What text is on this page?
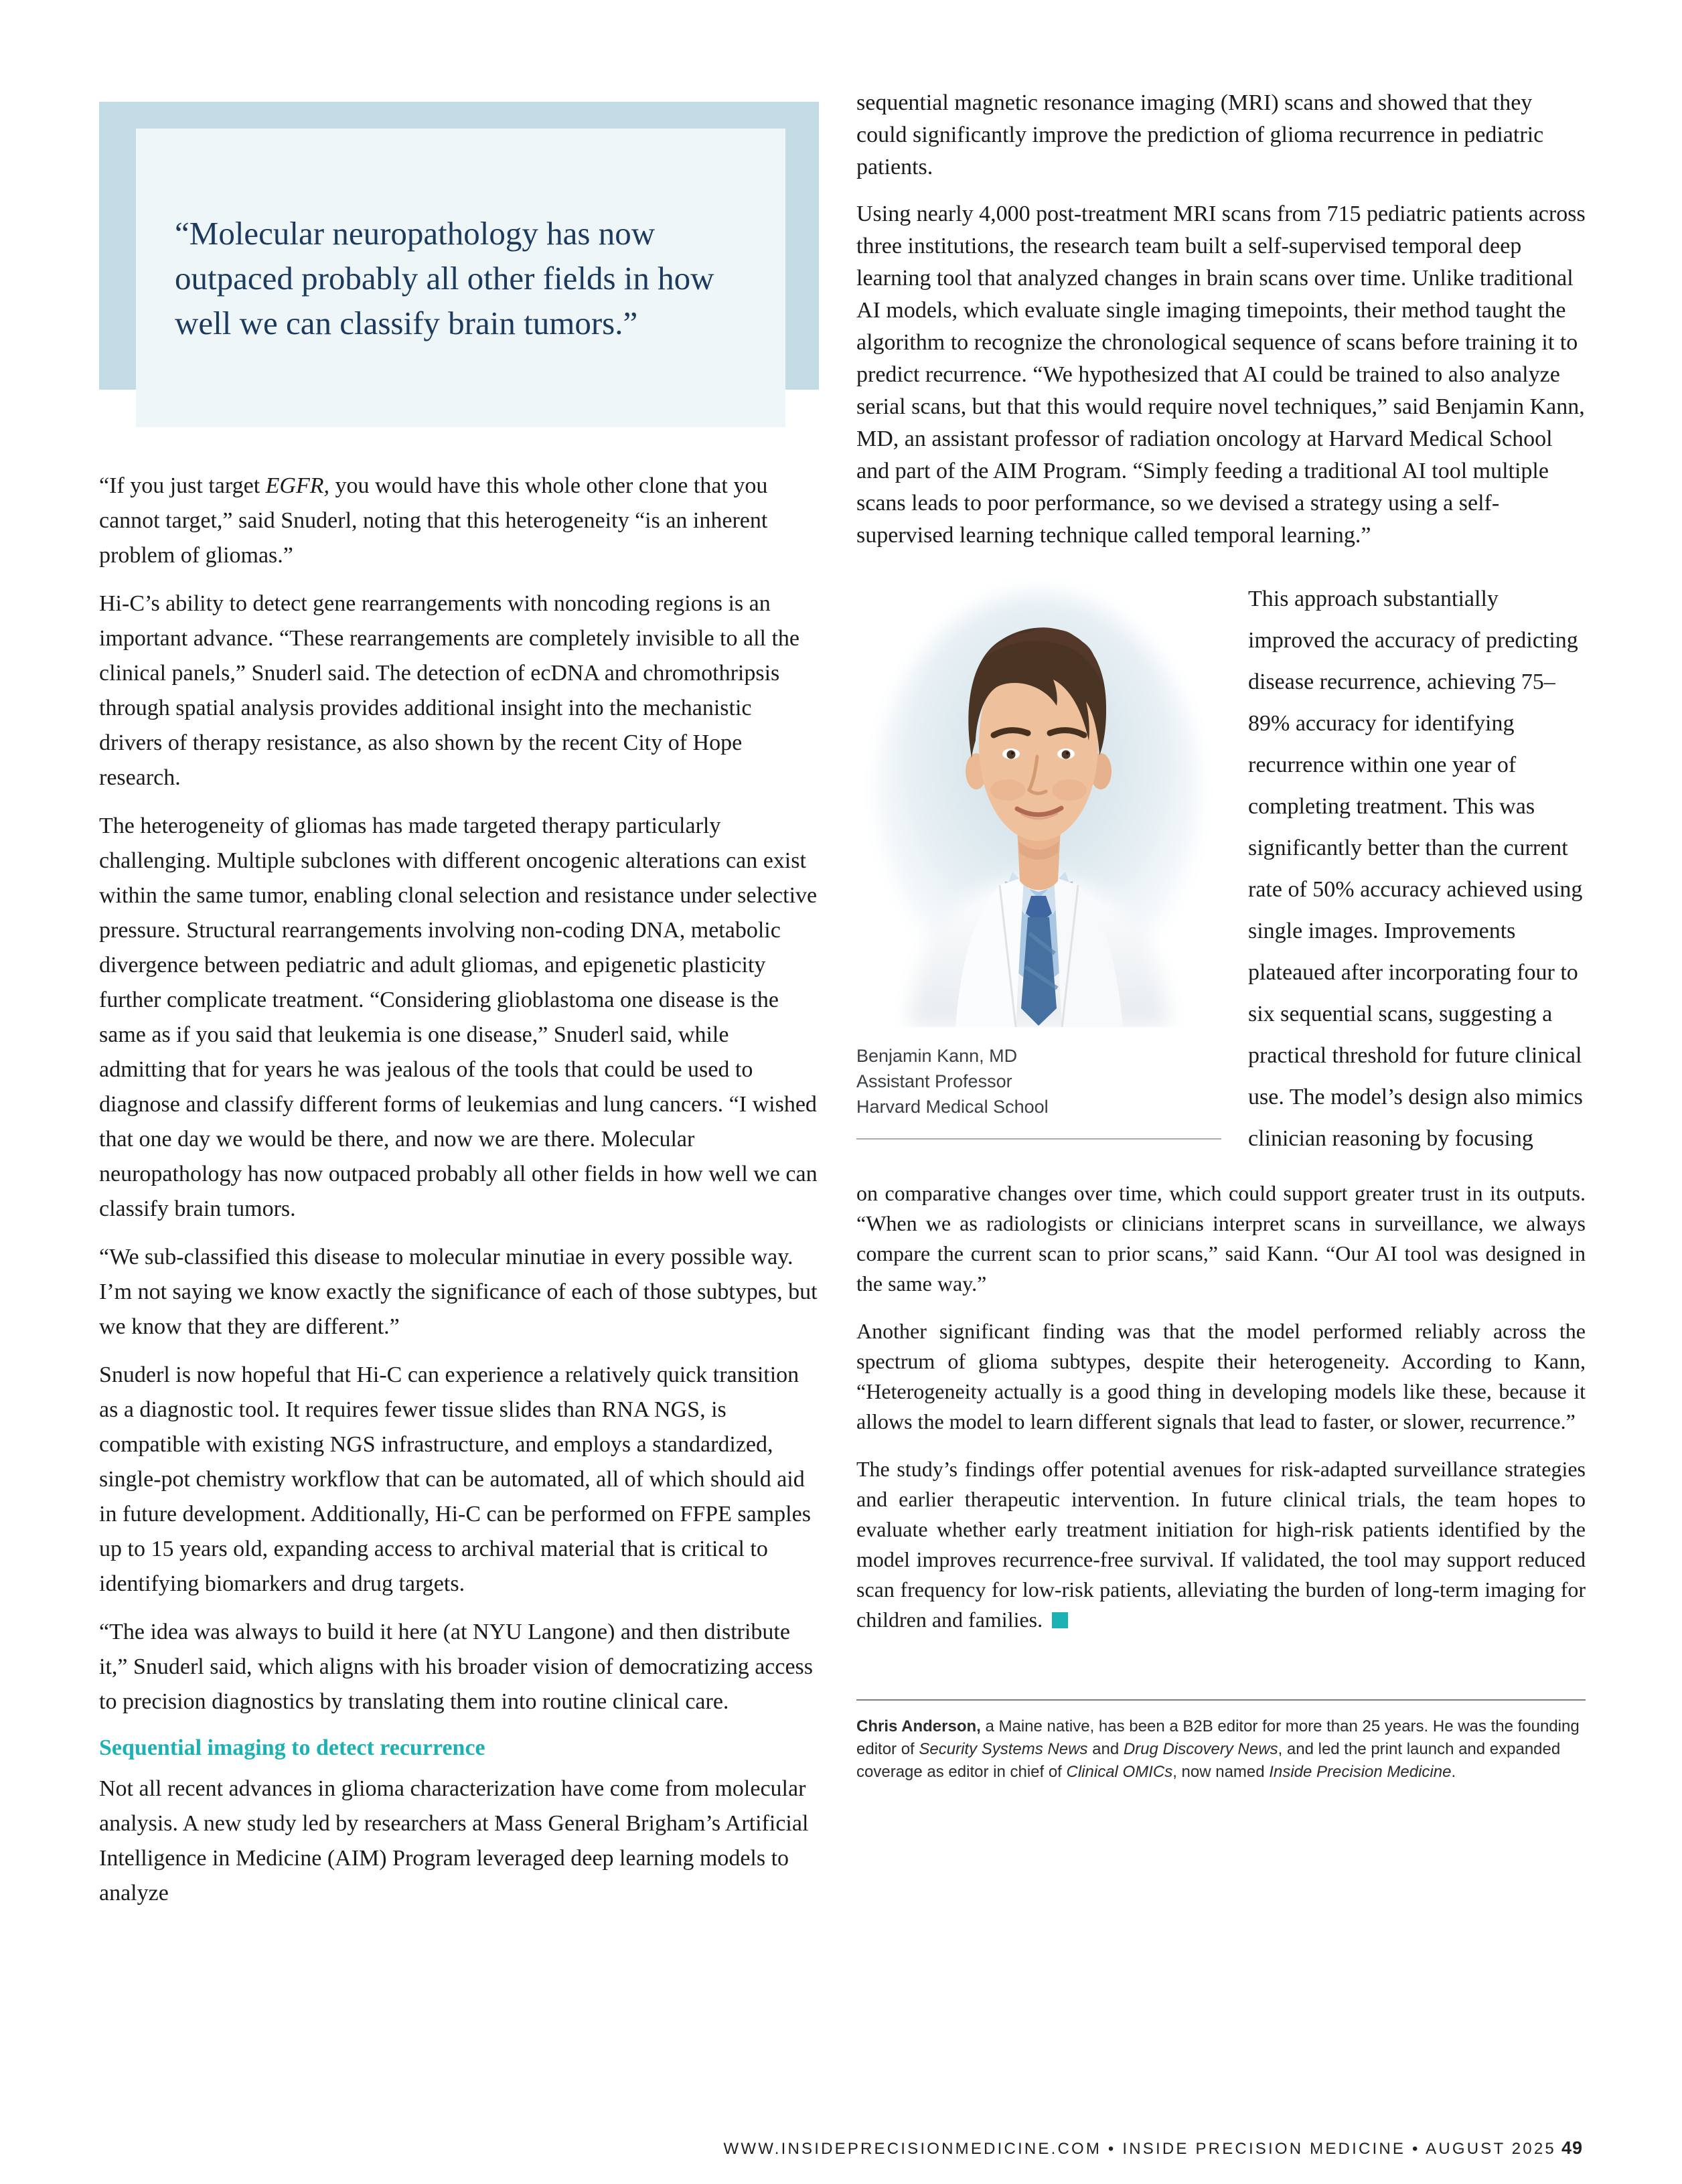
“Molecular neuropathology has now outpaced probably all other fields in how well we can classify brain tumors.”

“If you just target EGFR, you would have this whole other clone that you cannot target,” said Snuderl, noting that this heterogeneity “is an inherent problem of gliomas.”

Hi-C’s ability to detect gene rearrangements with noncoding regions is an important advance. “These rearrangements are completely invisible to all the clinical panels,” Snuderl said. The detection of ecDNA and chromothripsis through spatial analysis provides additional insight into the mechanistic drivers of therapy resistance, as also shown by the recent City of Hope research.

The heterogeneity of gliomas has made targeted therapy particularly challenging. Multiple subclones with different oncogenic alterations can exist within the same tumor, enabling clonal selection and resistance under selective pressure. Structural rearrangements involving non-coding DNA, metabolic divergence between pediatric and adult gliomas, and epigenetic plasticity further complicate treatment. “Considering glioblastoma one disease is the same as if you said that leukemia is one disease,” Snuderl said, while admitting that for years he was jealous of the tools that could be used to diagnose and classify different forms of leukemias and lung cancers. “I wished that one day we would be there, and now we are there. Molecular neuropathology has now outpaced probably all other fields in how well we can classify brain tumors.

“We sub-classified this disease to molecular minutiae in every possible way. I’m not saying we know exactly the significance of each of those subtypes, but we know that they are different.”

Snuderl is now hopeful that Hi-C can experience a relatively quick transition as a diagnostic tool. It requires fewer tissue slides than RNA NGS, is compatible with existing NGS infrastructure, and employs a standardized, single-pot chemistry workflow that can be automated, all of which should aid in future development. Additionally, Hi-C can be performed on FFPE samples up to 15 years old, expanding access to archival material that is critical to identifying biomarkers and drug targets.

“The idea was always to build it here (at NYU Langone) and then distribute it,” Snuderl said, which aligns with his broader vision of democratizing access to precision diagnostics by translating them into routine clinical care.

Sequential imaging to detect recurrence

Not all recent advances in glioma characterization have come from molecular analysis. A new study led by researchers at Mass General Brigham’s Artificial Intelligence in Medicine (AIM) Program leveraged deep learning models to analyze

sequential magnetic resonance imaging (MRI) scans and showed that they could significantly improve the prediction of glioma recurrence in pediatric patients.

Using nearly 4,000 post-treatment MRI scans from 715 pediatric patients across three institutions, the research team built a self-supervised temporal deep learning tool that analyzed changes in brain scans over time. Unlike traditional AI models, which evaluate single imaging timepoints, their method taught the algorithm to recognize the chronological sequence of scans before training it to predict recurrence. “We hypothesized that AI could be trained to also analyze serial scans, but that this would require novel techniques,” said Benjamin Kann, MD, an assistant professor of radiation oncology at Harvard Medical School and part of the AIM Program. “Simply feeding a traditional AI tool multiple scans leads to poor performance, so we devised a strategy using a self-supervised learning technique called temporal learning.”

Benjamin Kann, MD
Assistant Professor
Harvard Medical School

This approach substantially improved the accuracy of predicting disease recurrence, achieving 75–89% accuracy for identifying recurrence within one year of completing treatment. This was significantly better than the current rate of 50% accuracy achieved using single images. Improvements plateaued after incorporating four to six sequential scans, suggesting a practical threshold for future clinical use. The model’s design also mimics clinician reasoning by focusing

on comparative changes over time, which could support greater trust in its outputs. “When we as radiologists or clinicians interpret scans in surveillance, we always compare the current scan to prior scans,” said Kann. “Our AI tool was designed in the same way.”

Another significant finding was that the model performed reliably across the spectrum of glioma subtypes, despite their heterogeneity. According to Kann, “Heterogeneity actually is a good thing in developing models like these, because it allows the model to learn different signals that lead to faster, or slower, recurrence.”

The study’s findings offer potential avenues for risk-adapted surveillance strategies and earlier therapeutic intervention. In future clinical trials, the team hopes to evaluate whether early treatment initiation for high-risk patients identified by the model improves recurrence-free survival. If validated, the tool may support reduced scan frequency for low-risk patients, alleviating the burden of long-term imaging for children and families.

Chris Anderson, a Maine native, has been a B2B editor for more than 25 years. He was the founding editor of Security Systems News and Drug Discovery News, and led the print launch and expanded coverage as editor in chief of Clinical OMICs, now named Inside Precision Medicine.

WWW.INSIDEPRECISIONMEDICINE.COM • INSIDE PRECISION MEDICINE • AUGUST 2025 49
